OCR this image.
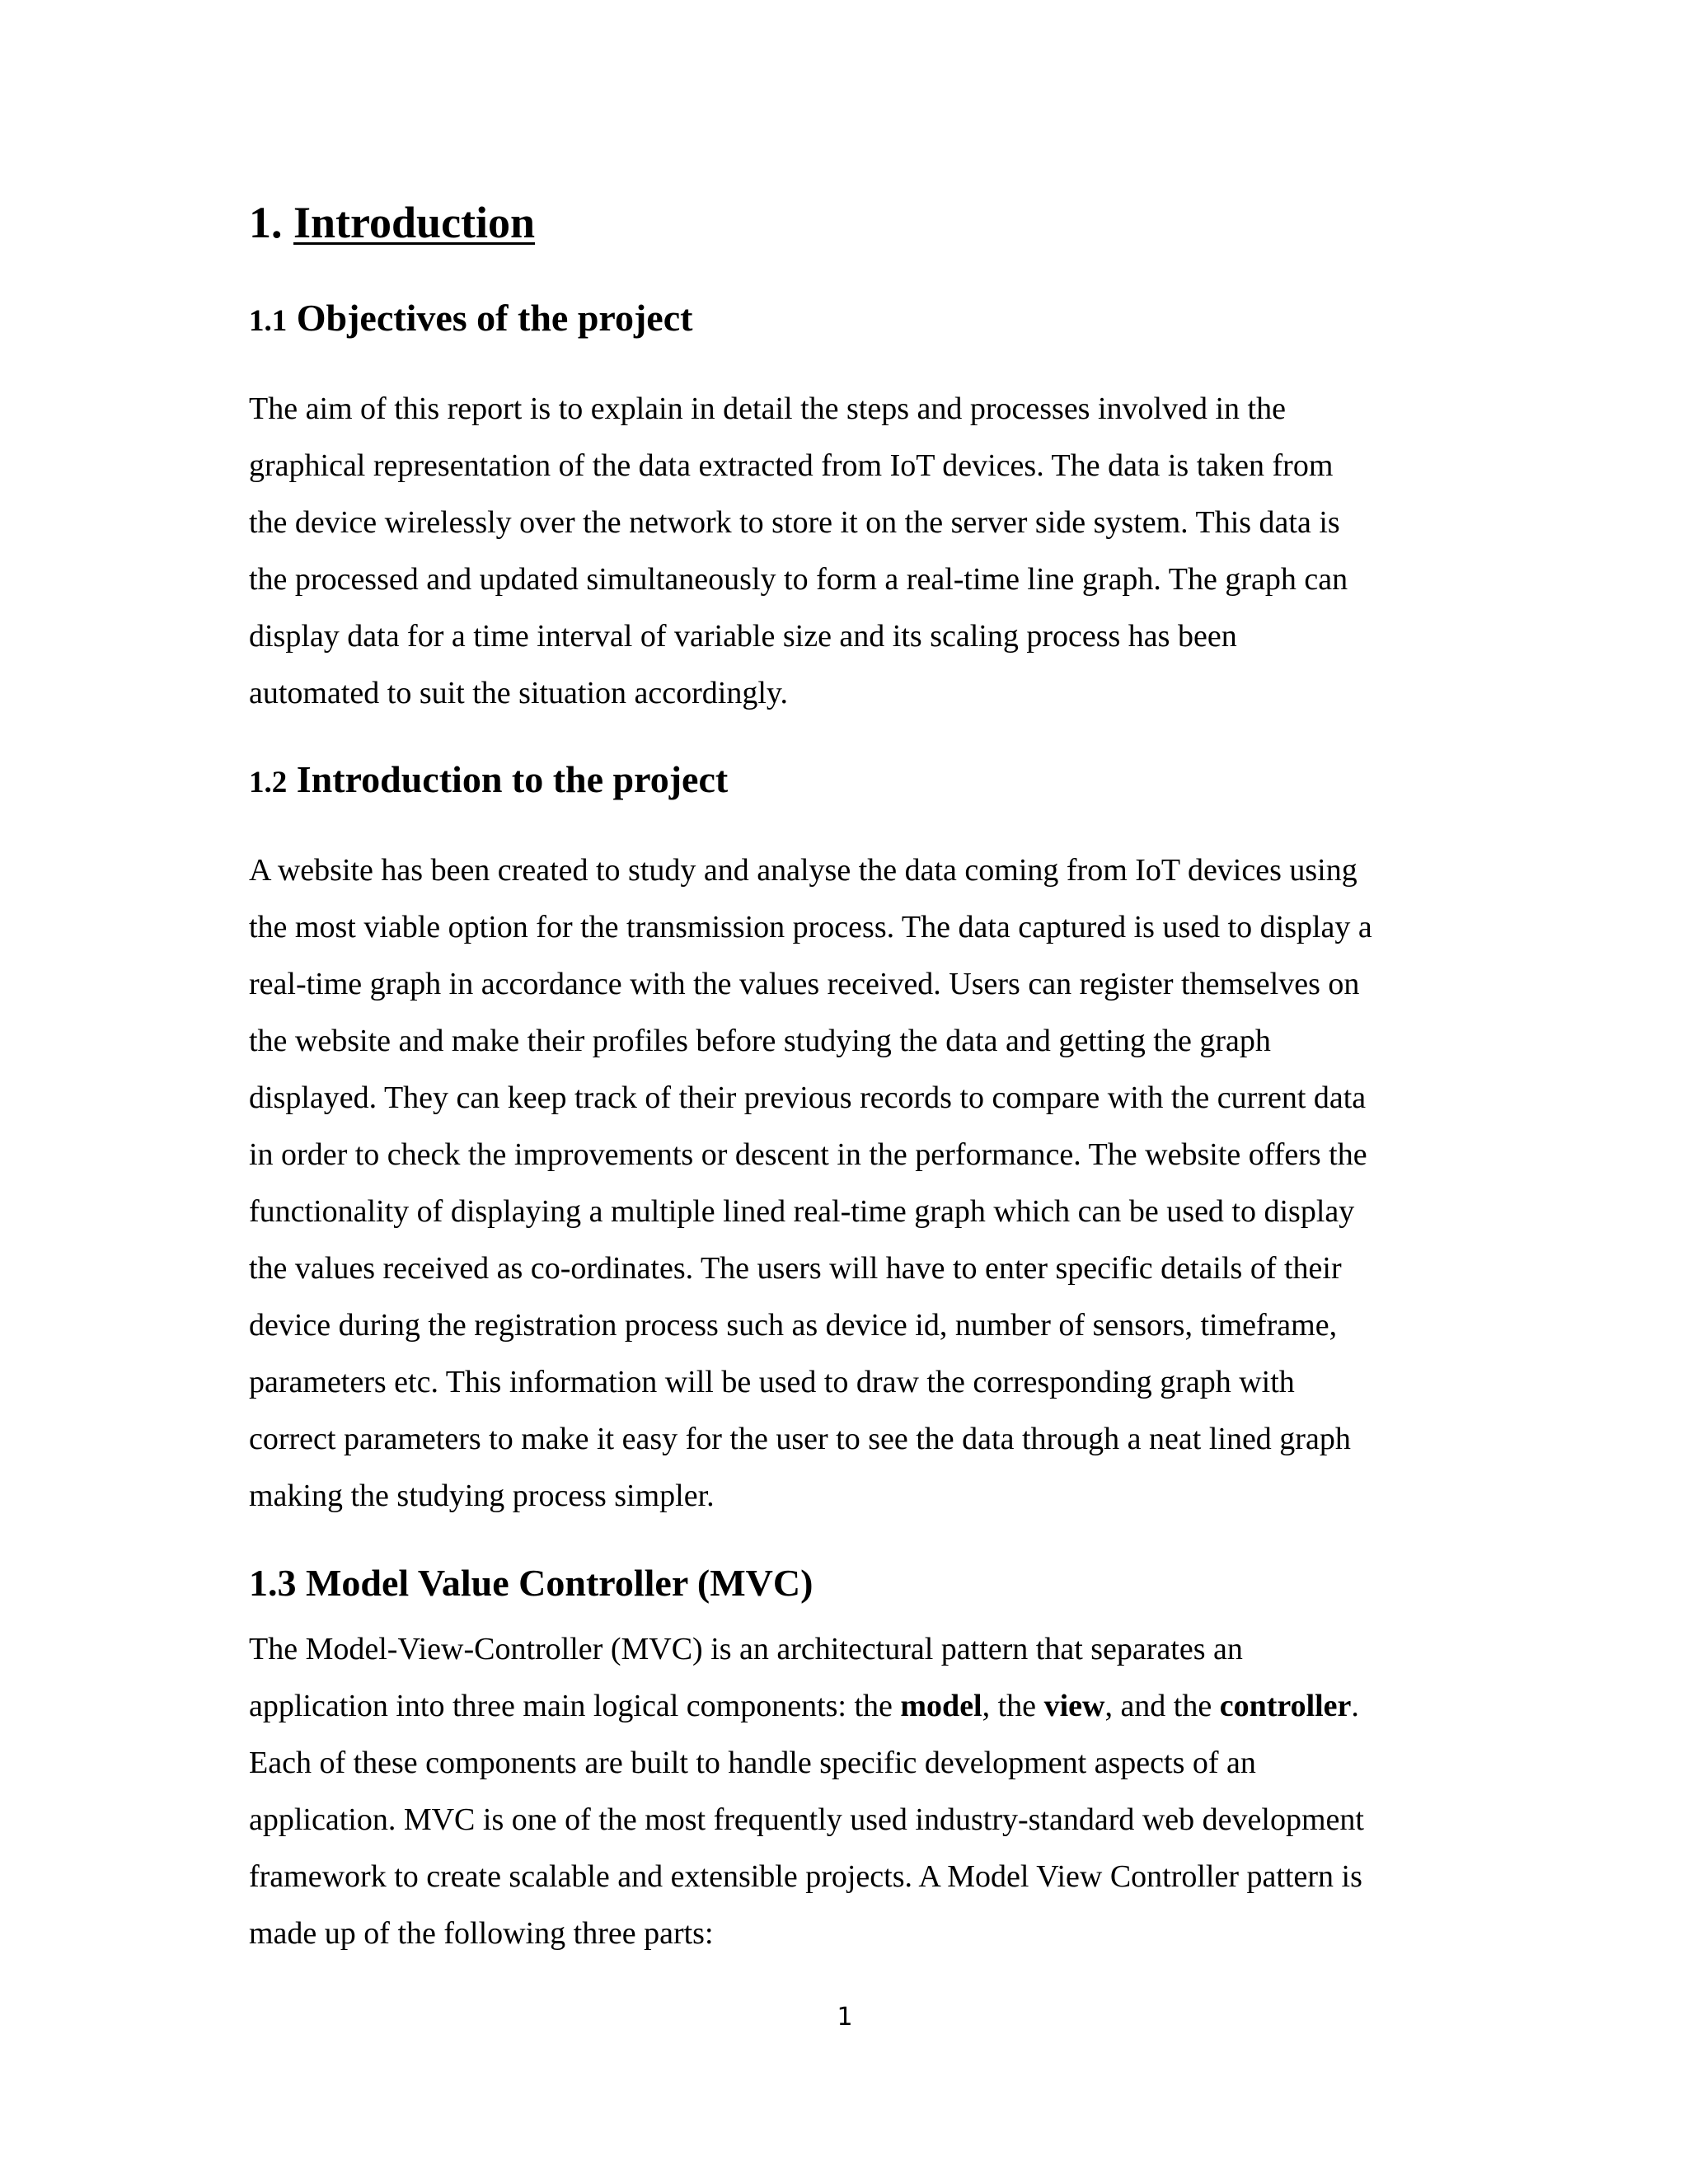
1. Introduction
1.1 Objectives of the project

The aim of this report is to explain in detail the steps and processes involved in the
graphical representation of the data extracted from IoT devices. The data is taken from
the device wirelessly over the network to store it on the server side system. This data is
the processed and updated simultaneously to form a real-time line graph. The graph can
display data for a time interval of variable size and its scaling process has been
automated to suit the situation accordingly.

1.2 Introduction to the project

A website has been created to study and analyse the data coming from IoT devices using
the most viable option for the transmission process. The data captured is used to display a
real-time graph in accordance with the values received. Users can register themselves on
the website and make their profiles before studying the data and getting the graph
displayed. They can keep track of their previous records to compare with the current data
in order to check the improvements or descent in the performance. The website offers the
functionality of displaying a multiple lined real-time graph which can be used to display
the values received as co-ordinates. The users will have to enter specific details of their
device during the registration process such as device id, number of sensors, timeframe,
parameters etc. This information will be used to draw the corresponding graph with
correct parameters to make it easy for the user to see the data through a neat lined graph
making the studying process simpler.

1.3 Model Value Controller (MVC)

The Model-View-Controller (MVC) is an architectural pattern that separates an
application into three main logical components: the model, the view, and the controller.
Each of these components are built to handle specific development aspects of an
application. MVC is one of the most frequently used industry-standard web development
framework to create scalable and extensible projects. A Model View Controller pattern is
made up of the following three parts:

1
